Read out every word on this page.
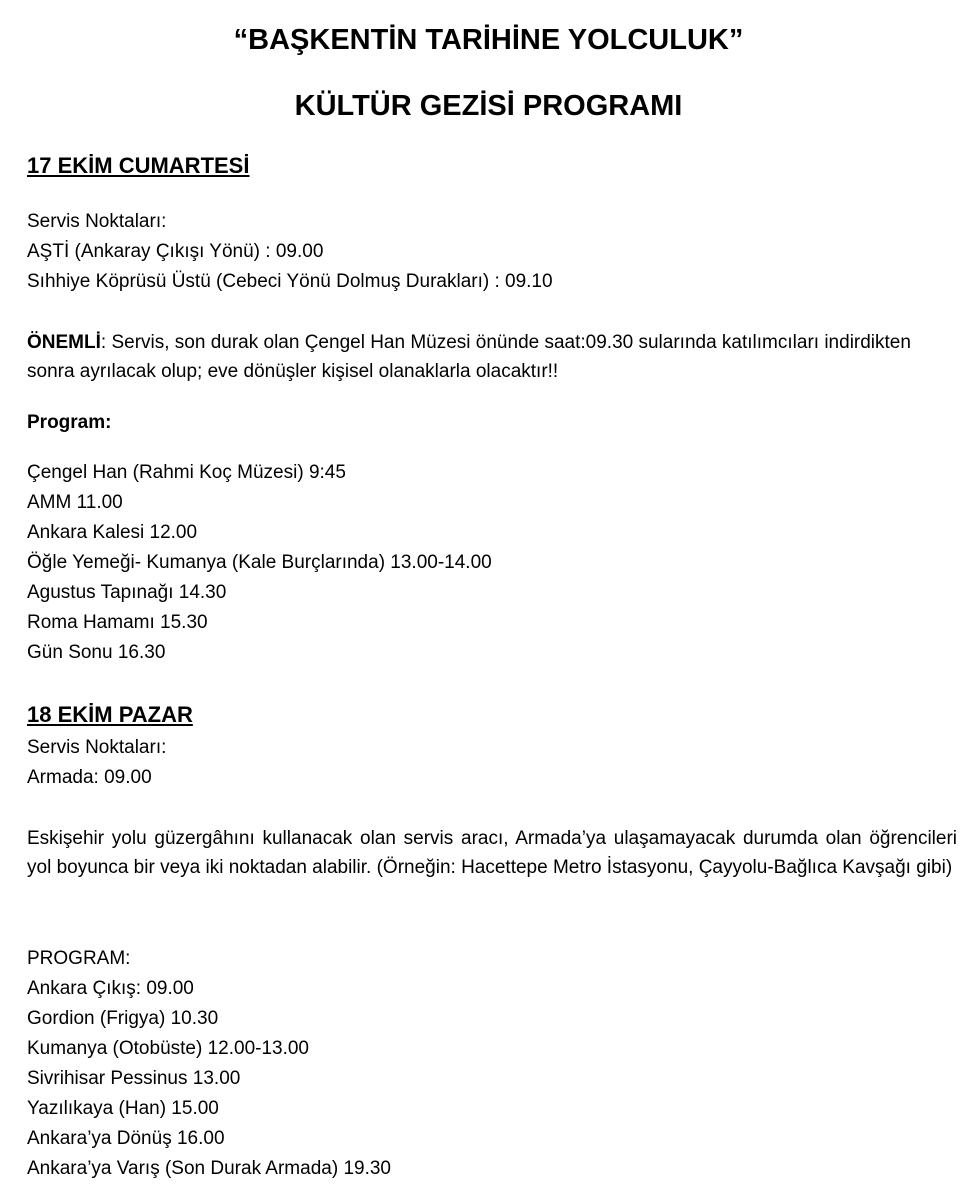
“BAŞKENTİN TARİHİNE YOLCULUK”
KÜLTÜR GEZİSİ PROGRAMI
17 EKİM CUMARTESİ

Servis Noktaları:

AŞTİ (Ankaray Çıkışı Yönü) : 09.00

Sıhhiye Köprüsü Üstü (Cebeci Yönü Dolmuş Durakları) : 09.10

ÖNEMLİ: Servis, son durak olan Çengel Han Müzesi önünde saat:09.30 sularında katılımcıları indirdikten sonra ayrılacak olup; eve dönüşler kişisel olanaklarla olacaktır!!

Program:

Çengel Han (Rahmi Koç Müzesi) 9:45

AMM 11.00

Ankara Kalesi 12.00

Öğle Yemeği- Kumanya (Kale Burçlarında) 13.00-14.00

Agustus Tapınağı 14.30

Roma Hamamı 15.30

Gün Sonu 16.30

18 EKİM PAZAR

Servis Noktaları:

Armada: 09.00

Eskişehir yolu güzergâhını kullanacak olan servis aracı, Armada’ya ulaşamayacak durumda olan öğrencileri yol boyunca bir veya iki noktadan alabilir. (Örneğin: Hacettepe Metro İstasyonu, Çayyolu-Bağlıca Kavşağı gibi)

PROGRAM:

Ankara Çıkış: 09.00

Gordion (Frigya) 10.30

Kumanya (Otobüste) 12.00-13.00

Sivrihisar Pessinus 13.00

Yazılıkaya (Han) 15.00

Ankara’ya Dönüş 16.00

Ankara’ya Varış (Son Durak Armada) 19.30
